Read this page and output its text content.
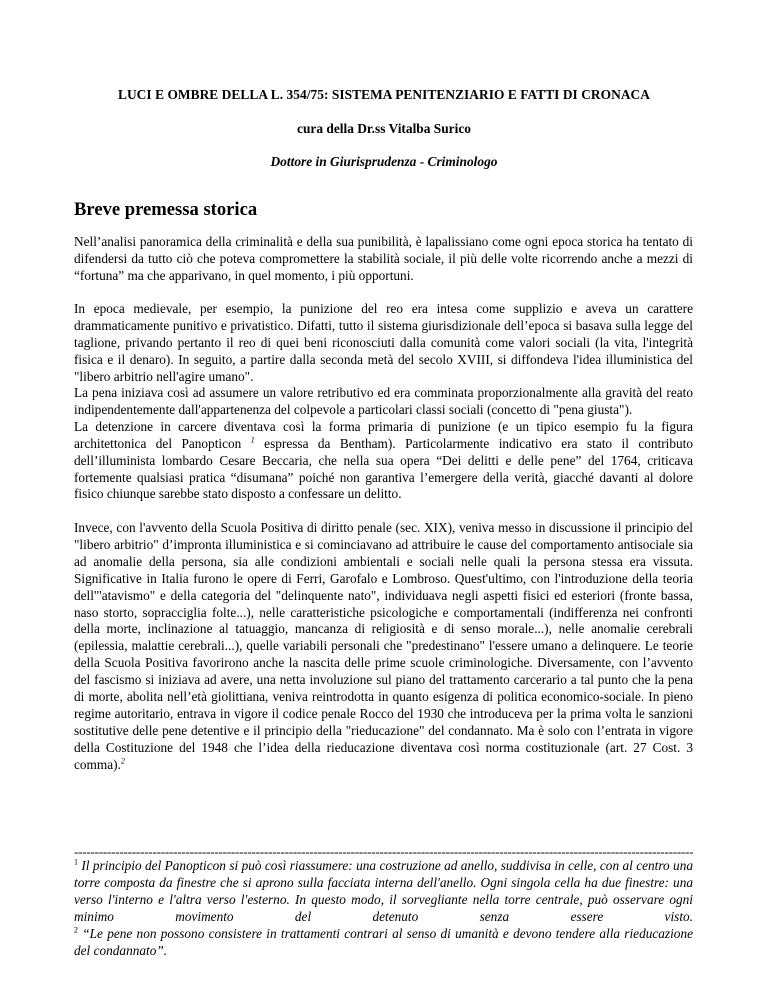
LUCI E OMBRE DELLA L. 354/75: SISTEMA PENITENZIARIO E FATTI DI CRONACA
cura della Dr.ss Vitalba Surico
Dottore in Giurisprudenza - Criminologo
Breve premessa storica

Nell’analisi panoramica della criminalità e della sua punibilità, è lapalissiano come ogni epoca storica ha tentato di difendersi da tutto ciò che poteva compromettere la stabilità sociale, il più delle volte ricorrendo anche a mezzi di “fortuna” ma che apparivano, in quel momento, i più opportuni.

In epoca medievale, per esempio, la punizione del reo era intesa come supplizio e aveva un carattere drammaticamente punitivo e privatistico. Difatti, tutto il sistema giurisdizionale dell’epoca si basava sulla legge del taglione, privando pertanto il reo di quei beni riconosciuti dalla comunità come valori sociali (la vita, l'integrità fisica e il denaro). In seguito, a partire dalla seconda metà del secolo XVIII, si diffondeva l'idea illuministica del "libero arbitrio nell'agire umano".

La pena iniziava così ad assumere un valore retributivo ed era comminata proporzionalmente alla gravità del reato indipendentemente dall'appartenenza del colpevole a particolari classi sociali (concetto di "pena giusta").
La detenzione in carcere diventava così la forma primaria di punizione (e un tipico esempio fu la figura architettonica del Panopticon $^1$ espressa da Bentham). Particolarmente indicativo era stato il contributo dell’illuminista lombardo Cesare Beccaria, che nella sua opera “Dei delitti e delle pene” del 1764, criticava fortemente qualsiasi pratica “disumana” poiché non garantiva l’emergere della verità, giacché davanti al dolore fisico chiunque sarebbe stato disposto a confessare un delitto.
Invece, con l'avvento della Scuola Positiva di diritto penale (sec. XIX), veniva messo in discussione il principio del "libero arbitrio" d’impronta illuministica e si cominciavano ad attribuire le cause del comportamento antisociale sia ad anomalie della persona, sia alle condizioni ambientali e sociali nelle quali la persona stessa era vissuta. Significative in Italia furono le opere di Ferri, Garofalo e Lombroso. Quest'ultimo, con l'introduzione della teoria dell'"atavismo" e della categoria del "delinquente nato", individuava negli aspetti fisici ed esteriori (fronte bassa, naso storto, sopracciglia folte...), nelle caratteristiche psicologiche e comportamentali (indifferenza nei confronti della morte, inclinazione al tatuaggio, mancanza di religiosità e di senso morale...), nelle anomalie cerebrali (epilessia, malattie cerebrali...), quelle variabili personali che "predestinano" l'essere umano a delinquere. Le teorie della Scuola Positiva favorirono anche la nascita delle prime scuole criminologiche. Diversamente, con l’avvento del fascismo si iniziava ad avere, una netta involuzione sul piano del trattamento carcerario a tal punto che la pena di morte, abolita nell’età giolittiana, veniva reintrodotta in quanto esigenza di politica economico-sociale. In pieno regime autoritario, entrava in vigore il codice penale Rocco del 1930 che introduceva per la prima volta le sanzioni sostitutive delle pene detentive e il principio della "rieducazione" del condannato. Ma è solo con l’entrata in vigore della Costituzione del 1948 che l’idea della rieducazione diventava così norma costituzionale (art. 27 Cost. 3 comma).$^2$
------------------------------------------------------------------------------------------------------------------------------------------------------
$^1$ Il principio del Panopticon si può così riassumere: una costruzione ad anello, suddivisa in celle, con al centro una torre composta da finestre che si aprono sulla facciata interna dell'anello. Ogni singola cella ha due finestre: una verso l'interno e l'altra verso l'esterno. In questo modo, il sorvegliante nella torre centrale, può osservare ogni minimo movimento del detenuto senza essere visto.
$^2$ “Le pene non possono consistere in trattamenti contrari al senso di umanità e devono tendere alla rieducazione del condannato”.
